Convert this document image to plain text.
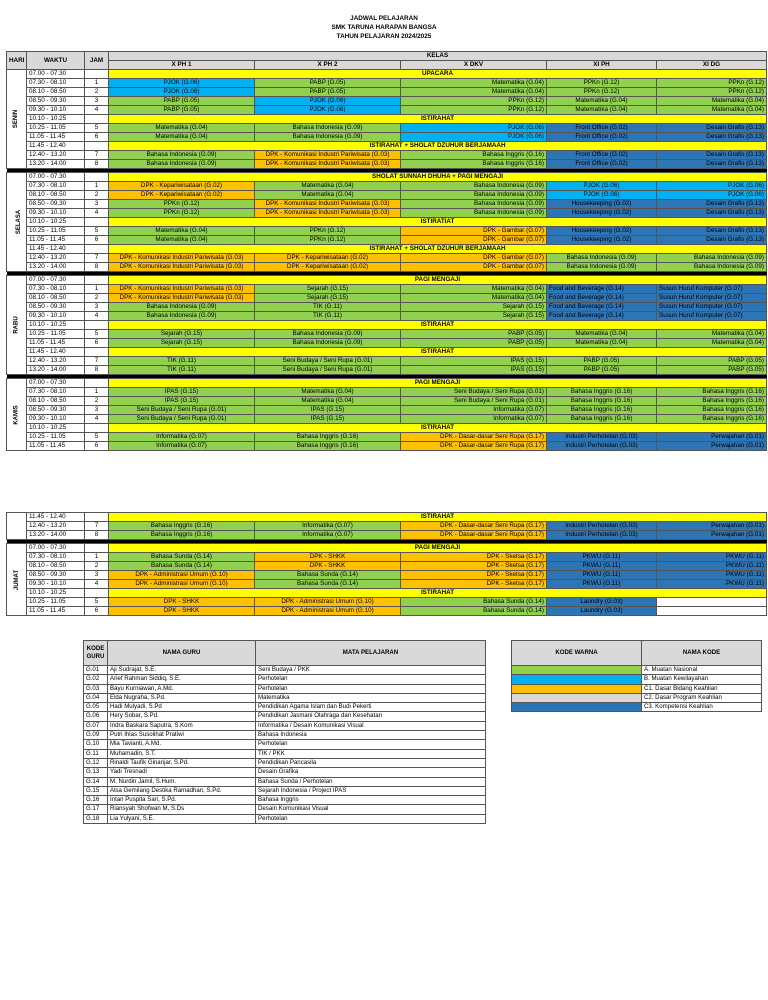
JADWAL PELAJARAN
SMK TARUNA HARAPAN BANGSA
TAHUN PELAJARAN 2024/2025
HARI	WAKTU	JAM	KELAS				
			X PH 1	X PH 2	X DKV	XI PH	XI DG
SENIN	07.00 - 07.30		UPACARA				
	07.30 - 08.10	1	PJOK (G.06)	PABP (G.05)	Matematika (G.04)	PPKn (G.12)	PPKn (G.12)
	08.10 - 08.50	2	PJOK (G.06)	PABP (G.05)	Matematika (G.04)	PPKn (G.12)	PPKn (G.12)
	08.50 - 09.30	3	PABP (G.05)	PJOK (G.06)	PPKn (G.12)	Matematika (G.04)	Matematika (G.04)
	09.30 - 10.10	4	PABP (G.05)	PJOK (G.06)	PPKn (G.12)	Matematika (G.04)	Matematika (G.04)
	10.10 - 10.25		ISTIRAHAT				
	10.25 - 11.05	5	Matematika (G.04)	Bahasa Indonesia (G.09)	PJOK (G.06)	Front Office (G.02)	Desain Grafis (G.13)
	11.05 - 11.45	6	Matematika (G.04)	Bahasa Indonesia (G.09)	PJOK (G.06)	Front Office (G.02)	Desain Grafis (G.13)
	11.45 - 12.40		ISTIRAHAT + SHOLAT DZUHUR BERJAMAAH				
	12.40 - 13.20	7	Bahasa Indonesia (G.09)	DPK - Komunikasi Industri Pariwisata (G.03)	Bahasa Inggris (G.16)	Front Office (G.02)	Desain Grafis (G.13)
	13.20 - 14.00	8	Bahasa Indonesia (G.09)	DPK - Komunikasi Industri Pariwisata (G.03)	Bahasa Inggris (G.16)	Front Office (G.02)	Desain Grafis (G.13)

SELASA	07.00 - 07.30		SHOLAT SUNNAH DHUHA + PAGI MENGAJI				
	07.30 - 08.10	1	DPK - Kepariwisataan (G.02)	Matematika (G.04)	Bahasa Indonesia (G.09)	PJOK (G.06)	PJOK (G.06)
	08.10 - 08.50	2	DPK - Kepariwisataan (G.02)	Matematika (G.04)	Bahasa Indonesia (G.09)	PJOK (G.06)	PJOK (G.06)
	08.50 - 09.30	3	PPKn (G.12)	DPK - Komunikasi Industri Pariwisata (G.03)	Bahasa Indonesia (G.09)	Housekeeping (G.02)	Desain Grafis (G.13)
	09.30 - 10.10	4	PPKn (G.12)	DPK - Komunikasi Industri Pariwisata (G.03)	Bahasa Indonesia (G.09)	Housekeeping (G.02)	Desain Grafis (G.13)
	10.10 - 10.25		ISTIRATIAT				
	10.25 - 11.05	5	Matematika (G.04)	PPKn (G.12)	DPK - Gambar (G.07)	Housekeeping (G.02)	Desain Grafis (G.13)
	11.05 - 11.45	6	Matematika (G.04)	PPKn (G.12)	DPK - Gambar (G.07)	Housekeeping (G.02)	Desain Grafis (G.13)
	11.45 - 12.40		ISTIRAHAT + SHOLAT DZUHUR BERJAMAAH				
	12.40 - 13.20	7	DPK - Komunikasi Industri Pariwisata (G.03)	DPK - Kepariwisataan (G.02)	DPK - Gambar (G.07)	Bahasa Indonesia (G.09)	Bahasa Indonesia (G.09)
	13.20 - 14.00	8	DPK - Komunikasi Industri Pariwisata (G.03)	DPK - Kepariwisataan (G.02)	DPK - Gambar (G.07)	Bahasa Indonesia (G.09)	Bahasa Indonesia (G.09)

RABU	07.00 - 07.30		PAGI MENGAJI				
	07.30 - 08.10	1	DPK - Komunikasi Industri Pariwisata (G.03)	Sejarah (G.15)	Matematika (G.04)	Food and Beverage (G.14)	Susun Huruf Komputer (G.07)
	08.10 - 08.50	2	DPK - Komunikasi Industri Pariwisata (G.03)	Sejarah (G.15)	Matematika (G.04)	Food and Beverage (G.14)	Susun Huruf Komputer (G.07)
	08.50 - 09.30	3	Bahasa Indonesia (G.09)	TIK (G.11)	Sejarah (G.15)	Food and Beverage (G.14)	Susun Huruf Komputer (G.07)
	09.30 - 10.10	4	Bahasa Indonesia (G.09)	TIK (G.11)	Sejarah (G.15)	Food and Beverage (G.14)	Susun Huruf Komputer (G.07)
	10.10 - 10.25		ISTIRAHAT				
	10.25 - 11.05	5	Sejarah (G.15)	Bahasa Indonesia (G.09)	PABP (G.05)	Matematika (G.04)	Matematika (G.04)
	11.05 - 11.45	6	Sejarah (G.15)	Bahasa Indonesia (G.09)	PABP (G.05)	Matematika (G.04)	Matematika (G.04)
	11.45 - 12.40		ISTIRAHAT				
	12.40 - 13.20	7	TIK (G.11)	Seni Budaya / Seni Rupa (G.01)	IPAS (G.15)	PABP (G.05)	PABP (G.05)
	13.20 - 14.00	8	TIK (G.11)	Seni Budaya / Seni Rupa (G.01)	IPAS (G.15)	PABP (G.05)	PABP (G.05)

KAMIS	07.00 - 07.30		PAGI MENGAJI				
	07.30 - 08.10	1	IPAS (G.15)	Matematika (G.04)	Seni Budaya / Seni Rupa (G.01)	Bahasa Inggris (G.16)	Bahasa Inggris (G.16)
	08.10 - 08.50	2	IPAS (G.15)	Matematika (G.04)	Seni Budaya / Seni Rupa (G.01)	Bahasa Inggris (G.16)	Bahasa Inggris (G.16)
	08.50 - 09.30	3	Seni Budaya / Seni Rupa (G.01)	IPAS (G.15)	Informatika (G.07)	Bahasa Inggris (G.16)	Bahasa Inggris (G.16)
	09.30 - 10.10	4	Seni Budaya / Seni Rupa (G.01)	IPAS (G.15)	Informatika (G.07)	Bahasa Inggris (G.16)	Bahasa Inggris (G.16)
	10.10 - 10.25		ISTIRAHAT				
	10.25 - 11.05	5	Informatika (G.07)	Bahasa Inggris (G.16)	DPK - Dasar-dasar Seni Rupa (G.17)	Industri Perhotelan (G.03)	Perwajahan (G.01)
	11.05 - 11.45	6	Informatika (G.07)	Bahasa Inggris (G.16)	DPK - Dasar-dasar Seni Rupa (G.17)	Industri Perhotelan (G.03)	Perwajahan (G.01)
	11.45 - 12.40		ISTIRAHAT				
	12.40 - 13.20	7	Bahasa Inggris (G.16)	Informatika (G.07)	DPK - Dasar-dasar Seni Rupa (G.17)	Industri Perhotelan (G.03)	Perwajahan (G.01)
	13.20 - 14.00	8	Bahasa Inggris (G.16)	Informatika (G.07)	DPK - Dasar-dasar Seni Rupa (G.17)	Industri Perhotelan (G.03)	Perwajahan (G.01)

JUMAT	07.00 - 07.30		PAGI MENGAJI				
	07.30 - 08.10	1	Bahasa Sunda (G.14)	DPK - SHKK	DPK - Sketsa (G.17)	PKWU (G.11)	PKWU (G.11)
	08.10 - 08.50	2	Bahasa Sunda (G.14)	DPK - SHKK	DPK - Sketsa (G.17)	PKWU (G.11)	PKWU (G.11)
	08.50 - 09.30	3	DPK - Administrasi Umum (G.10)	Bahasa Sunda (G.14)	DPK - Sketsa (G.17)	PKWU (G.11)	PKWU (G.11)
	09.30 - 10.10	4	DPK - Administrasi Umum (G.10)	Bahasa Sunda (G.14)	DPK - Sketsa (G.17)	PKWU (G.11)	PKWU (G.11)
	10.10 - 10.25		ISTIRAHAT				
	10.25 - 11.05	5	DPK - SHKK	DPK - Administrasi Umum (G.10)	Bahasa Sunda (G.14)	Laundry (G.03)	
	11.05 - 11.45	6	DPK - SHKK	DPK - Administrasi Umum (G.10)	Bahasa Sunda (G.14)	Laundry (G.03)	
KODE GURU	NAMA GURU	MATA PELAJARAN
G.01	Aji Sudrajat, S.E.	Seni Budaya / PKK
G.02	Arief Rahman Siddiq, S.E.	Perhotelan
G.03	Bayu Kurniawan, A.Md.	Perhotelan
G.04	Elda Nugraha, S.Pd.	Matematika
G.05	Hadi Mulyadi, S.Pd	Pendidikan Agama Islam dan Budi Pekerti
G.06	Hery Sobar, S.Pd.	Pendidikan Jasmani Olahraga dan Kesehatan
G.07	Indra Baskara Saputra, S.Kom	Informatika / Desain Komunikasi Visual
G.09	Putri Ihlas Susolihat Pratiwi	Bahasa Indonesia
G.10	Mia Tavianti, A.Md.	Perhotelan
G.11	Muhamadin, S.T.	TIK / PKK
G.12	Rinaldi Taufik Ginanjar, S.Pd.	Pendidikan Pancasila
G.13	Yadi Tresnadi	Desain Grafika
G.14	M. Nurdin Jamil, S.Hum.	Bahasa Sunda / Perhotelan
G.15	Alsa Gemilang Destika Ramadhan, S.Pd.	Sejarah Indonesia / Project IPAS
G.16	Intan Puspita Sari, S.Pd.	Bahasa Inggris
G.17	Riansyah Shofwan M, S.Ds	Desain Komunikasi Visual
G.18	Lia Yulyani, S.E.	Perhotelan
KODE WARNA	NAMA KODE
	A. Muatan Nasional
	B. Muatan Kewilayahan
	C1. Dasar Bidang Keahlian
	C2. Dasar Program Keahlian
	C3. Kompetensi Keahlian
